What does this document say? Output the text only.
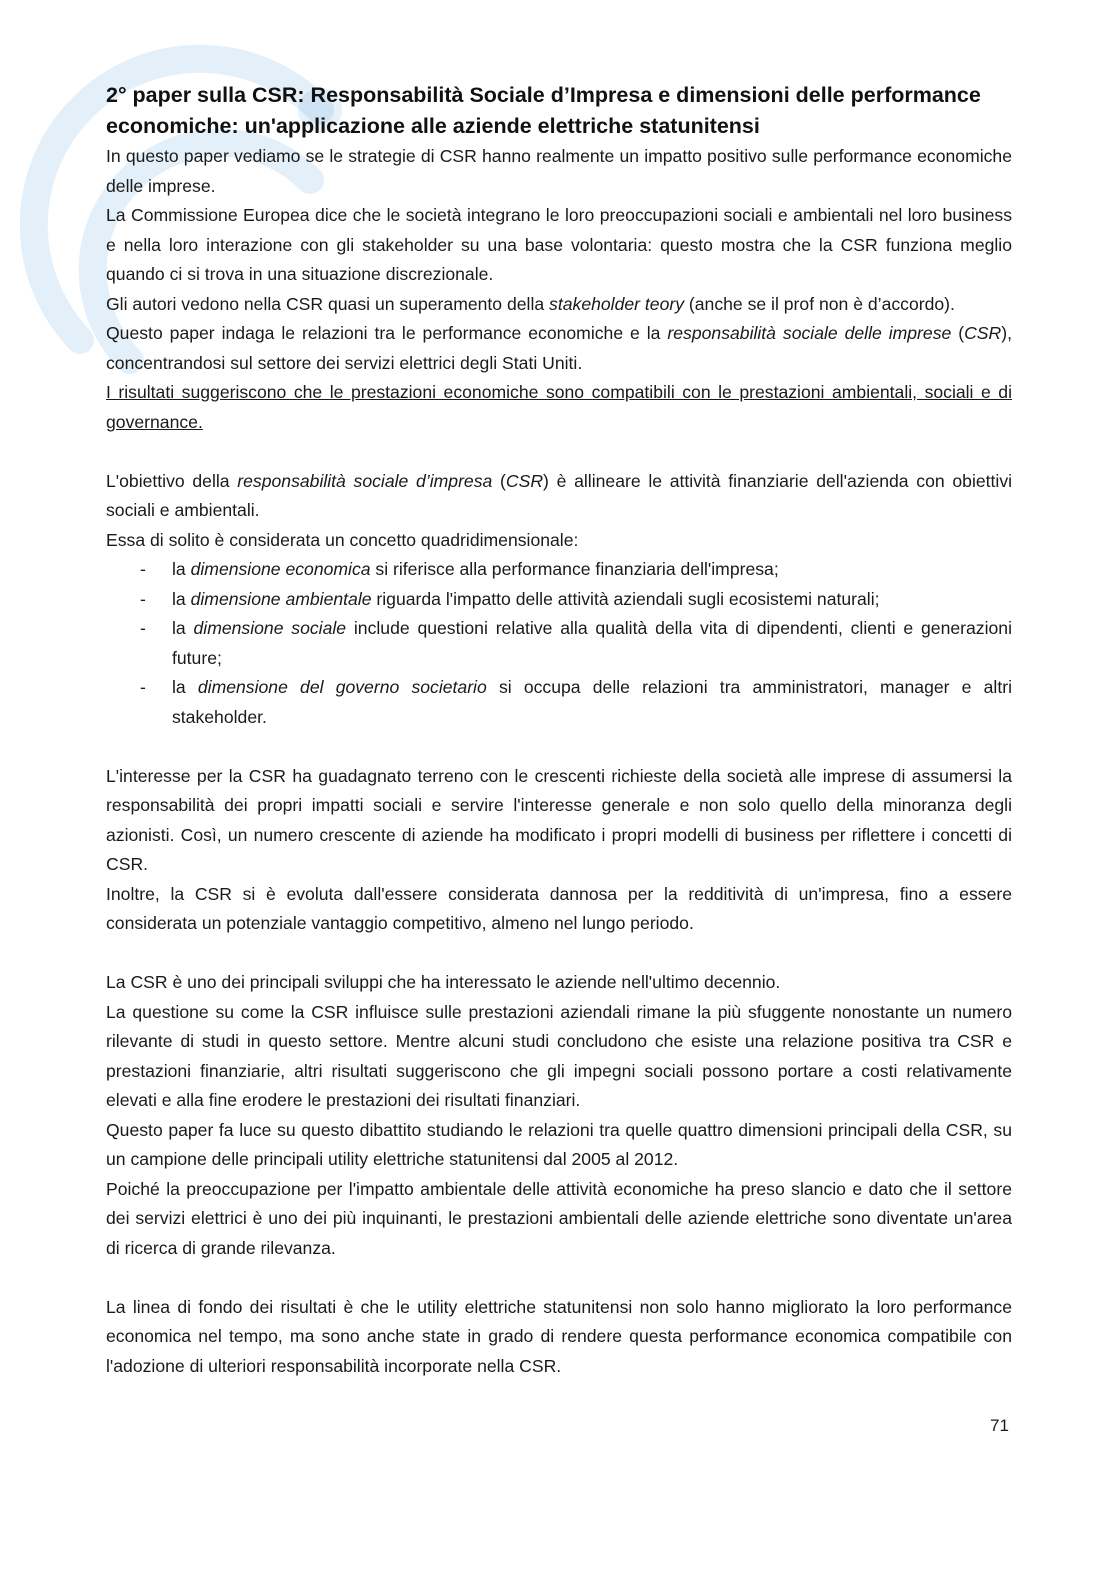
2° paper sulla CSR: Responsabilità Sociale d’Impresa e dimensioni delle performance economiche: un'applicazione alle aziende elettriche statunitensi

In questo paper vediamo se le strategie di CSR hanno realmente un impatto positivo sulle performance economiche delle imprese.

La Commissione Europea dice che le società integrano le loro preoccupazioni sociali e ambientali nel loro business e nella loro interazione con gli stakeholder su una base volontaria: questo mostra che la CSR funziona meglio quando ci si trova in una situazione discrezionale.

Gli autori vedono nella CSR quasi un superamento della stakeholder teory (anche se il prof non è d’accordo).

Questo paper indaga le relazioni tra le performance economiche e la responsabilità sociale delle imprese (CSR), concentrandosi sul settore dei servizi elettrici degli Stati Uniti.

I risultati suggeriscono che le prestazioni economiche sono compatibili con le prestazioni ambientali, sociali e di governance.

L'obiettivo della responsabilità sociale d’impresa (CSR) è allineare le attività finanziarie dell'azienda con obiettivi sociali e ambientali.

Essa di solito è considerata un concetto quadridimensionale:

- la dimensione economica si riferisce alla performance finanziaria dell'impresa;
- la dimensione ambientale riguarda l'impatto delle attività aziendali sugli ecosistemi naturali;
- la dimensione sociale include questioni relative alla qualità della vita di dipendenti, clienti e generazioni future;
- la dimensione del governo societario si occupa delle relazioni tra amministratori, manager e altri stakeholder.

L'interesse per la CSR ha guadagnato terreno con le crescenti richieste della società alle imprese di assumersi la responsabilità dei propri impatti sociali e servire l'interesse generale e non solo quello della minoranza degli azionisti. Così, un numero crescente di aziende ha modificato i propri modelli di business per riflettere i concetti di CSR.

Inoltre, la CSR si è evoluta dall'essere considerata dannosa per la redditività di un'impresa, fino a essere considerata un potenziale vantaggio competitivo, almeno nel lungo periodo.

La CSR è uno dei principali sviluppi che ha interessato le aziende nell'ultimo decennio.

La questione su come la CSR influisce sulle prestazioni aziendali rimane la più sfuggente nonostante un numero rilevante di studi in questo settore. Mentre alcuni studi concludono che esiste una relazione positiva tra CSR e prestazioni finanziarie, altri risultati suggeriscono che gli impegni sociali possono portare a costi relativamente elevati e alla fine erodere le prestazioni dei risultati finanziari.

Questo paper fa luce su questo dibattito studiando le relazioni tra quelle quattro dimensioni principali della CSR, su un campione delle principali utility elettriche statunitensi dal 2005 al 2012.

Poiché la preoccupazione per l'impatto ambientale delle attività economiche ha preso slancio e dato che il settore dei servizi elettrici è uno dei più inquinanti, le prestazioni ambientali delle aziende elettriche sono diventate un'area di ricerca di grande rilevanza.

La linea di fondo dei risultati è che le utility elettriche statunitensi non solo hanno migliorato la loro performance economica nel tempo, ma sono anche state in grado di rendere questa performance economica compatibile con l'adozione di ulteriori responsabilità incorporate nella CSR.

71
